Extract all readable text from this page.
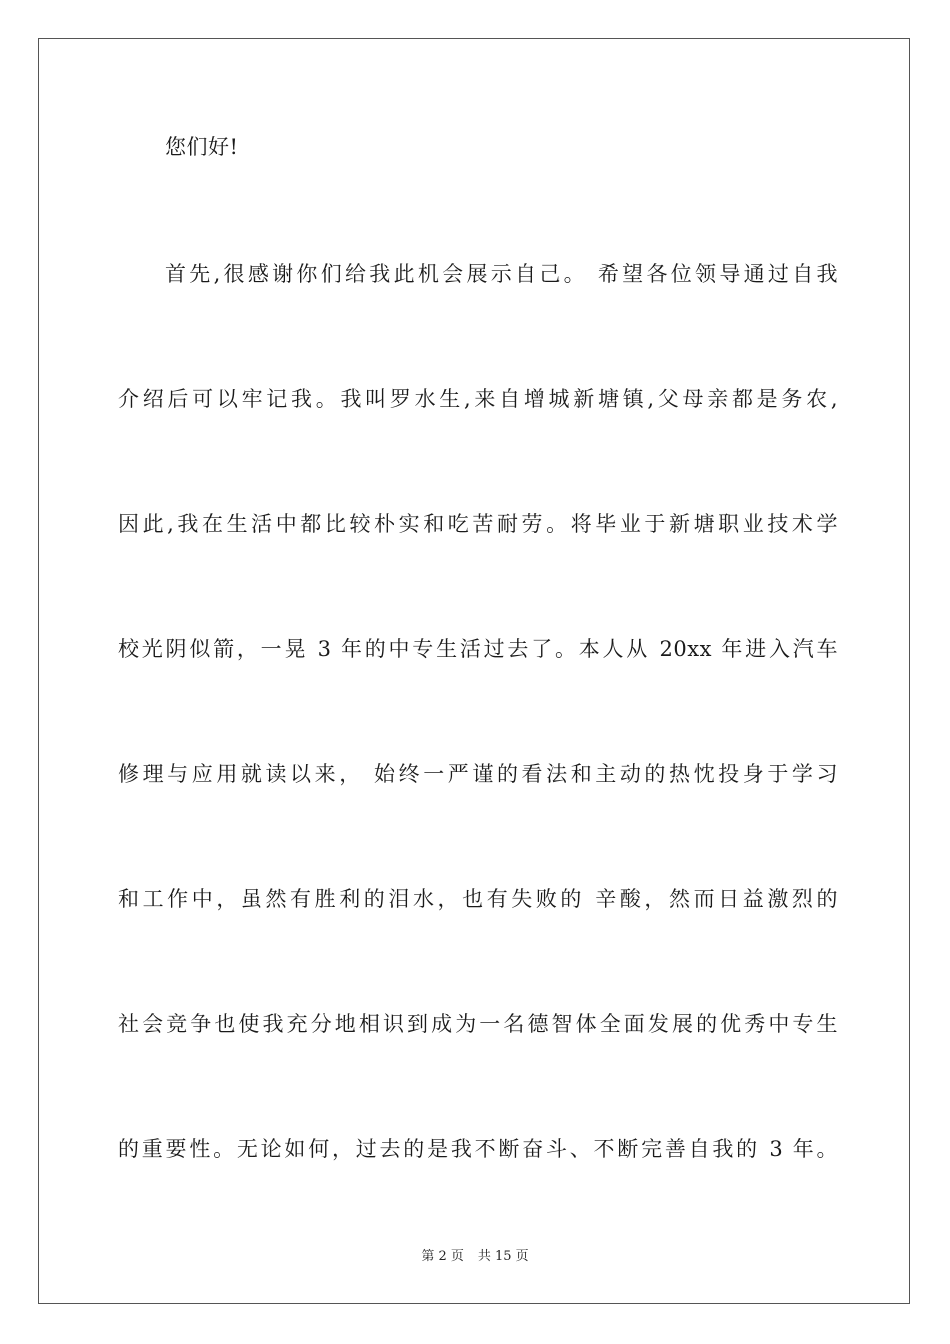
您们好!
首先,很感谢你们给我此机会展示自己。 希望各位领导通过自我
介绍后可以牢记我。我叫罗水生,来自增城新塘镇,父母亲都是务农,
因此,我在生活中都比较朴实和吃苦耐劳。将毕业于新塘职业技术学
校光阴似箭，一晃 3 年的中专生活过去了。本人从 20xx 年进入汽车
修理与应用就读以来， 始终一严谨的看法和主动的热忱投身于学习
和工作中，虽然有胜利的泪水，也有失败的 辛酸，然而日益激烈的
社会竞争也使我充分地相识到成为一名德智体全面发展的优秀中专生
的重要性。无论如何，过去的是我不断奋斗、不断完善自我的 3 年。
第 2 页 共 15 页
